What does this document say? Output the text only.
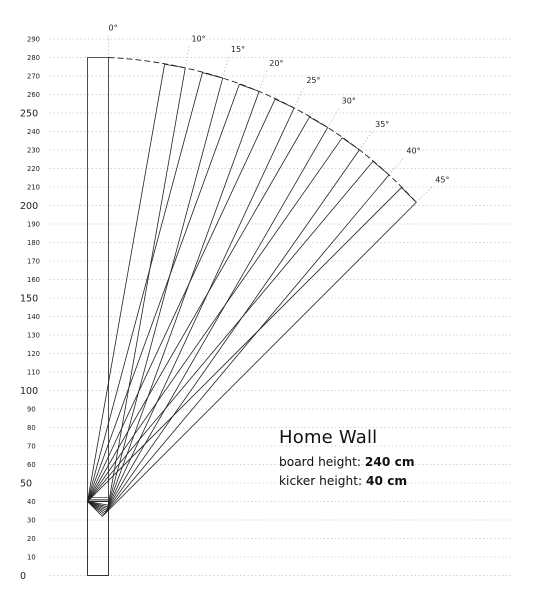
0
10
20
30
40
50
60
70
80
90
100
110
120
130
140
150
160
170
180
190
200
210
220
230
240
250
260
270
280
290
0°
10°
15°
20°
25°
30°
35°
40°
45°
Home Wall
board height: 240 cm
kicker height: 40 cm
